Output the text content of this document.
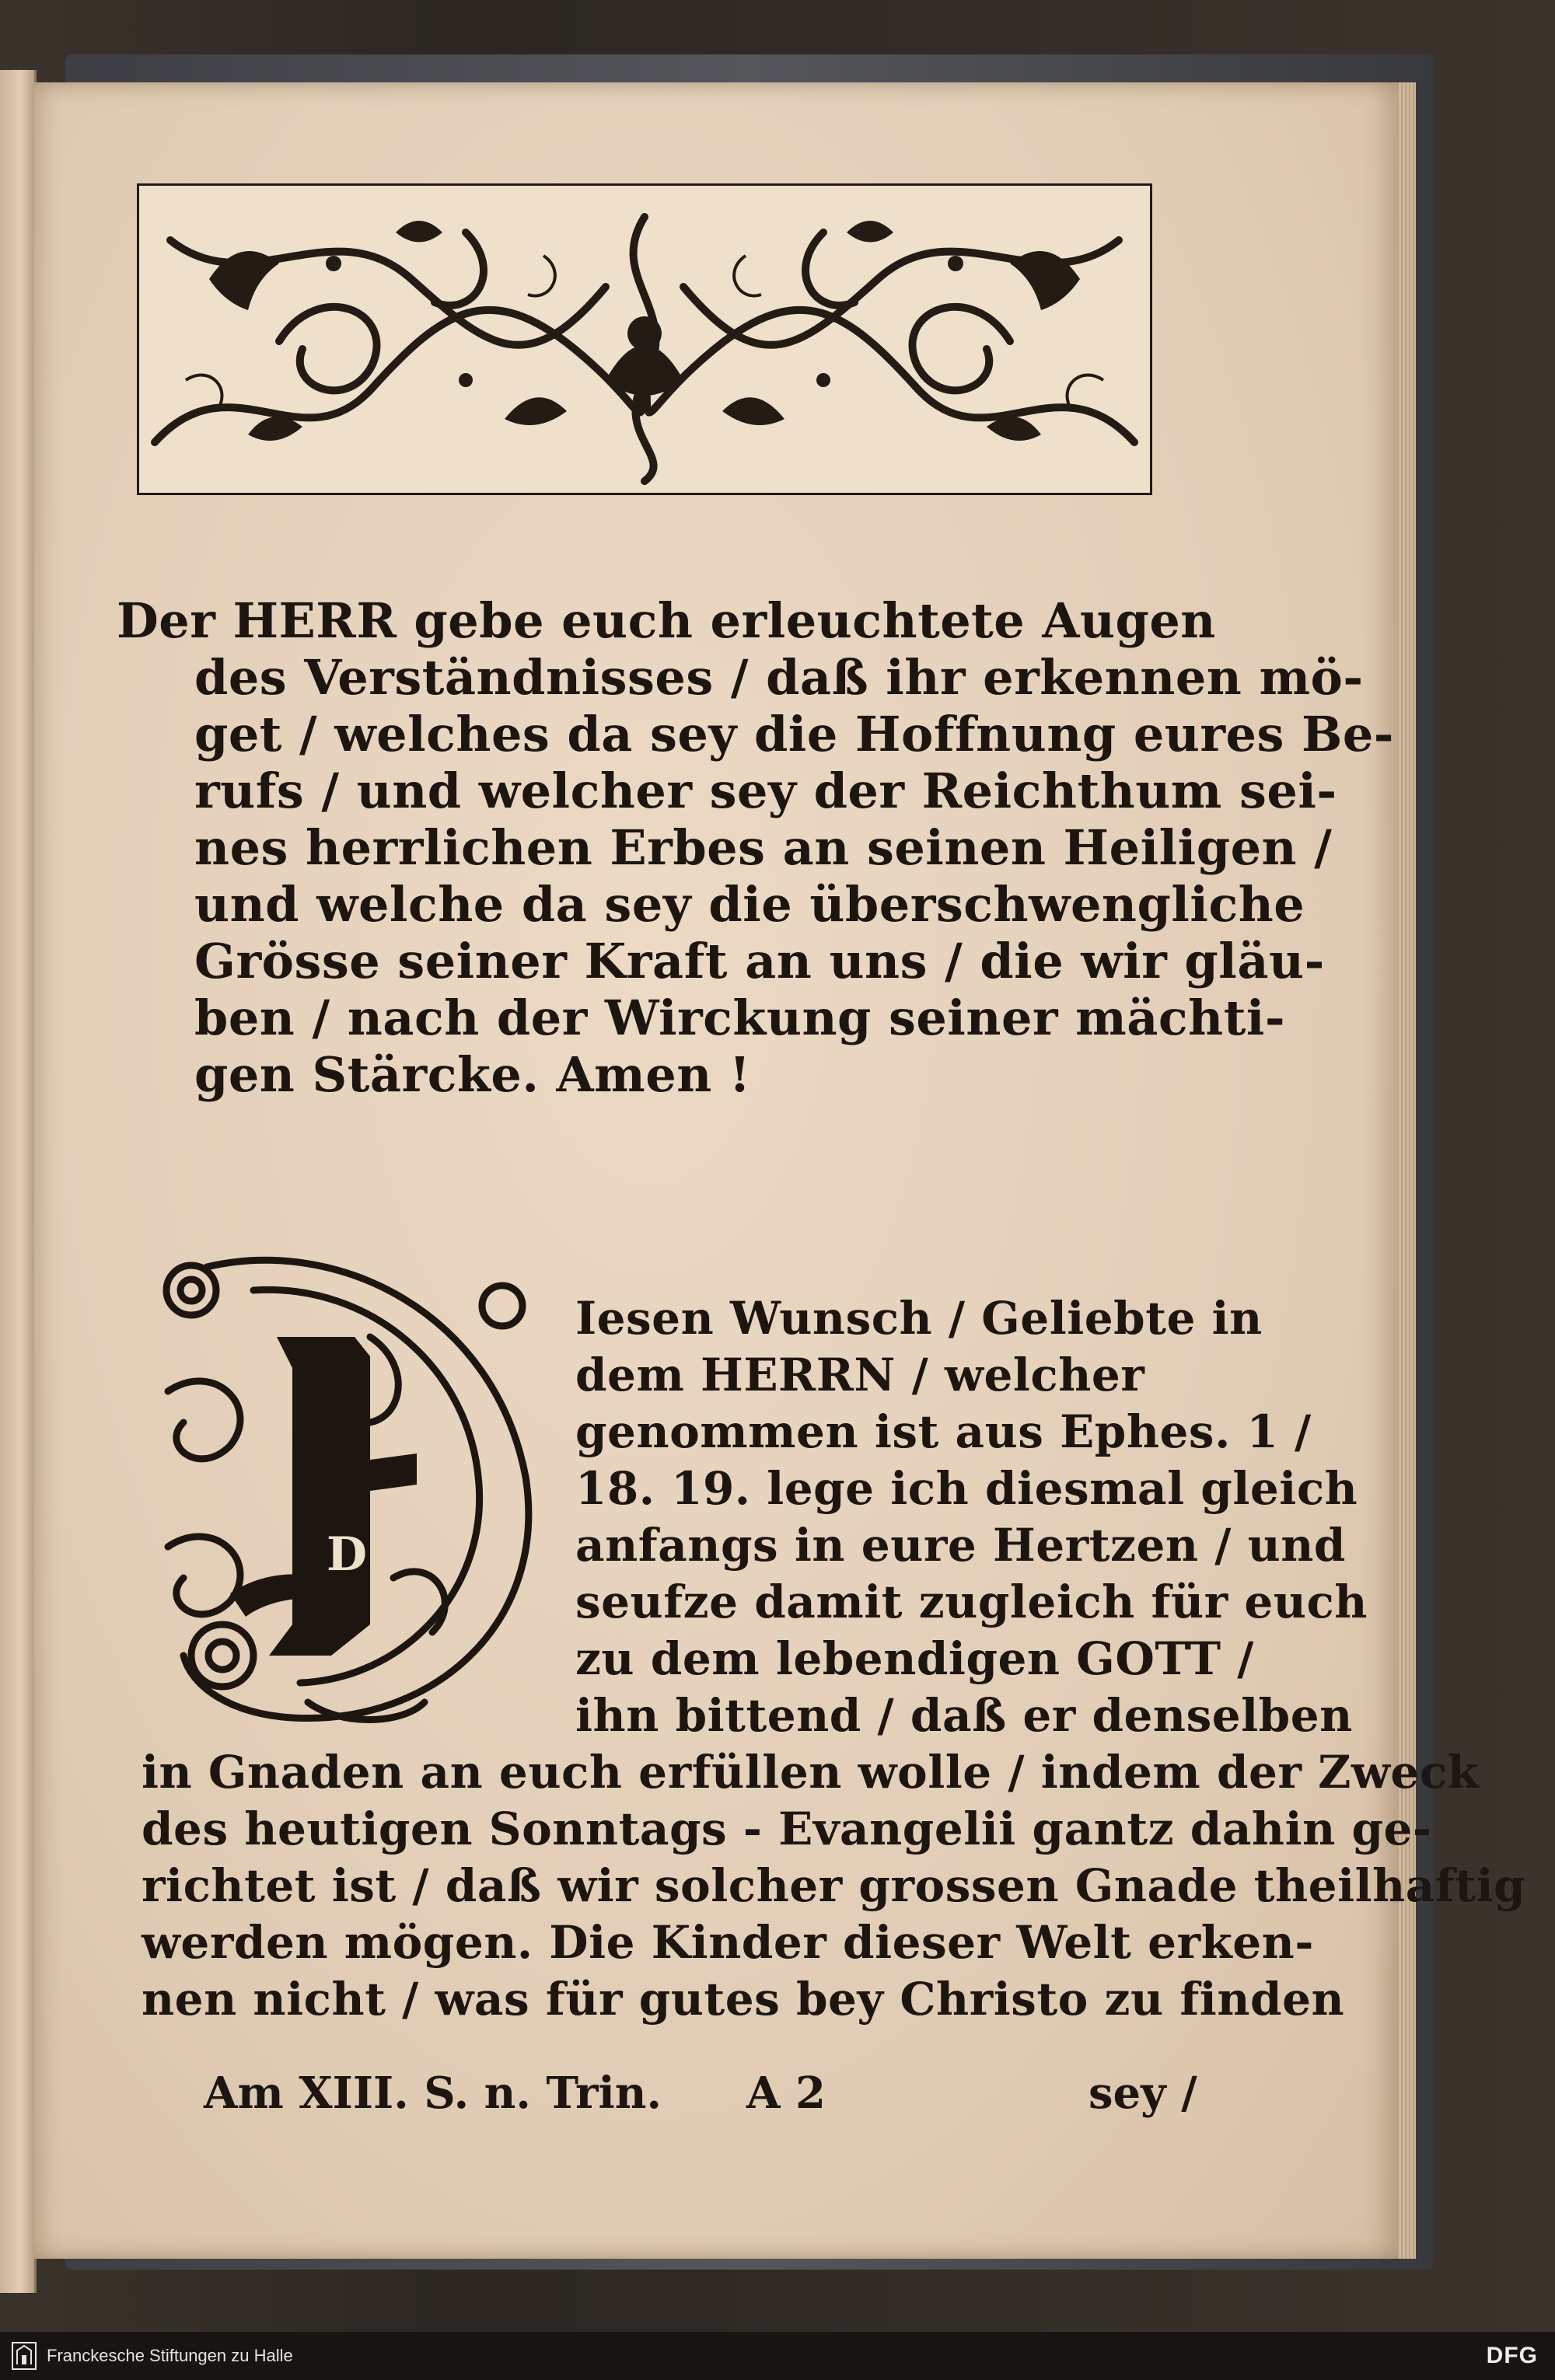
Der HERR gebe euch erleuchtete Augen
des Verständnisses / daß ihr erkennen mö-
get / welches da sey die Hoffnung eures Be-
rufs / und welcher sey der Reichthum sei-
nes herrlichen Erbes an seinen Heiligen /
und welche da sey die überschwengliche
Grösse seiner Kraft an uns / die wir gläu-
ben / nach der Wirckung seiner mächti-
gen Stärcke. Amen !
D
Iesen Wunsch / Geliebte in
dem HERRN / welcher
genommen ist aus Ephes. 1 /
18. 19. lege ich diesmal gleich
anfangs in eure Hertzen / und
seufze damit zugleich für euch
zu dem lebendigen GOTT /
ihn bittend / daß er denselben
in Gnaden an euch erfüllen wolle / indem der Zweck
des heutigen Sonntags - Evangelii gantz dahin ge-
richtet ist / daß wir solcher grossen Gnade theilhaftig
werden mögen. Die Kinder dieser Welt erken-
nen nicht / was für gutes bey Christo zu finden
Am XIII. S. n. Trin. A 2	sey /
Franckesche Stiftungen zu Halle	DFG
